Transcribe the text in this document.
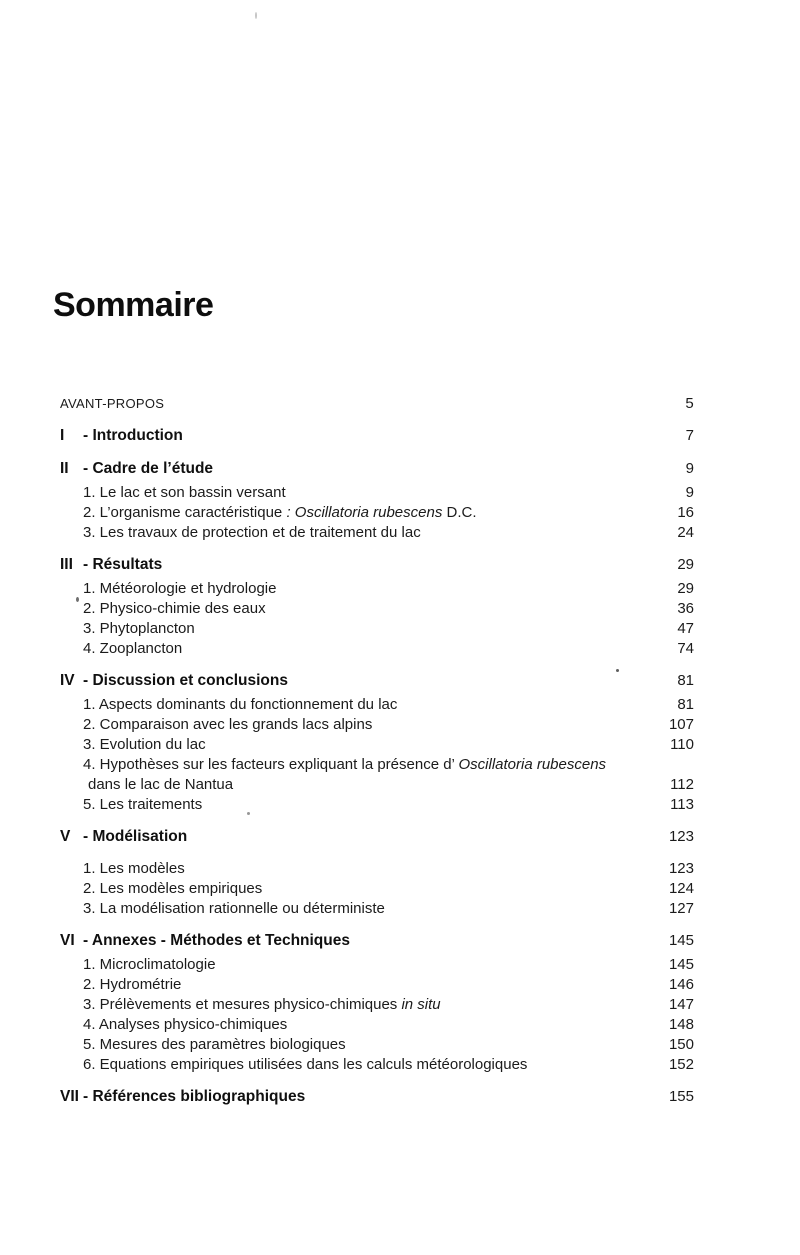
Sommaire
AVANT-PROPOS	5
I	- Introduction	7
II - Cadre de l’étude	9
1. Le lac et son bassin versant	9
2. L’organisme caractéristique : Oscillatoria rubescens D.C.	16
3. Les travaux de protection et de traitement du lac	24
III - Résultats	29
1. Météorologie et hydrologie	29
2. Physico-chimie des eaux	36
3. Phytoplancton	47
4. Zooplancton	74
IV - Discussion et conclusions	81
1. Aspects dominants du fonctionnement du lac	81
2. Comparaison avec les grands lacs alpins	107
3. Evolution du lac	110
4. Hypothèses sur les facteurs expliquant la présence d’ Oscillatoria rubescens
dans le lac de Nantua	112
5. Les traitements	113
V - Modélisation	123
1. Les modèles	123
2. Les modèles empiriques	124
3. La modélisation rationnelle ou déterministe	127
VI - Annexes - Méthodes et Techniques	145
1. Microclimatologie	145
2. Hydrométrie	146
3. Prélèvements et mesures physico-chimiques in situ	147
4. Analyses physico-chimiques	148
5. Mesures des paramètres biologiques	150
6. Equations empiriques utilisées dans les calculs météorologiques	152
VII - Références bibliographiques	155
